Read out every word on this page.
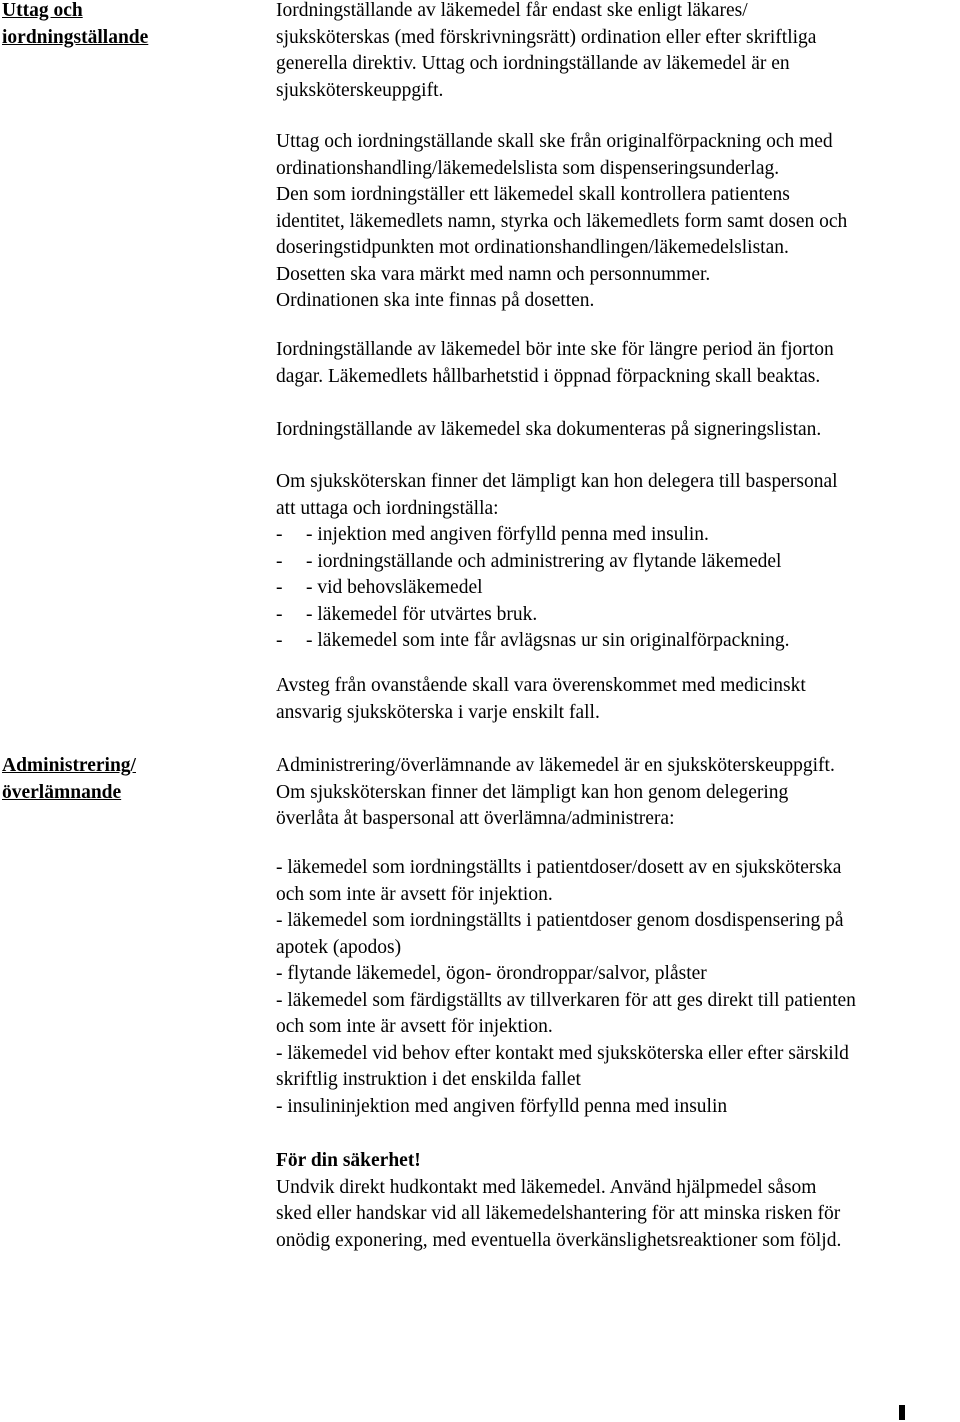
Uttag och
iordningställande
Iordningställande av läkemedel får endast ske enligt läkares/
sjuksköterskas (med förskrivningsrätt) ordination eller efter skriftliga
generella direktiv. Uttag och iordningställande av läkemedel är en
sjuksköterskeuppgift.
Uttag och iordningställande skall ske från originalförpackning och med
ordinationshandling/läkemedelslista som dispenseringsunderlag.
Den som iordningställer ett läkemedel skall kontrollera patientens
identitet, läkemedlets namn, styrka och läkemedlets form samt dosen och
doseringstidpunkten mot ordinationshandlingen/läkemedelslistan.
Dosetten ska vara märkt med namn och personnummer.
Ordinationen ska inte finnas på dosetten.
Iordningställande av läkemedel bör inte ske för längre period än fjorton
dagar. Läkemedlets hållbarhetstid i öppnad förpackning skall beaktas.
Iordningställande av läkemedel ska dokumenteras på signeringslistan.
Om sjuksköterskan finner det lämpligt kan hon delegera till baspersonal
att uttaga och iordningställa:
- - injektion med angiven förfylld penna med insulin.
- - iordningställande och administrering av flytande läkemedel
- - vid behovsläkemedel
- - läkemedel för utvärtes bruk.
- - läkemedel som inte får avlägsnas ur sin originalförpackning.
Avsteg från ovanstående skall vara överenskommet med medicinskt
ansvarig sjuksköterska i varje enskilt fall.
Administrering/
överlämnande
Administrering/överlämnande av läkemedel är en sjuksköterskeuppgift.
Om sjuksköterskan finner det lämpligt kan hon genom delegering
överlåta åt baspersonal att överlämna/administrera:
- läkemedel som iordningställts i patientdoser/dosett av en sjuksköterska
och som inte är avsett för injektion.
- läkemedel som iordningställts i patientdoser genom dosdispensering på
apotek (apodos)
- flytande läkemedel, ögon- örondroppar/salvor, plåster
- läkemedel som färdigställts av tillverkaren för att ges direkt till patienten
och som inte är avsett för injektion.
- läkemedel vid behov efter kontakt med sjuksköterska eller efter särskild
skriftlig instruktion i det enskilda fallet
- insulininjektion med angiven förfylld penna med insulin
För din säkerhet!
Undvik direkt hudkontakt med läkemedel. Använd hjälpmedel såsom
sked eller handskar vid all läkemedelshantering för att minska risken för
onödig exponering, med eventuella överkänslighetsreaktioner som följd.
